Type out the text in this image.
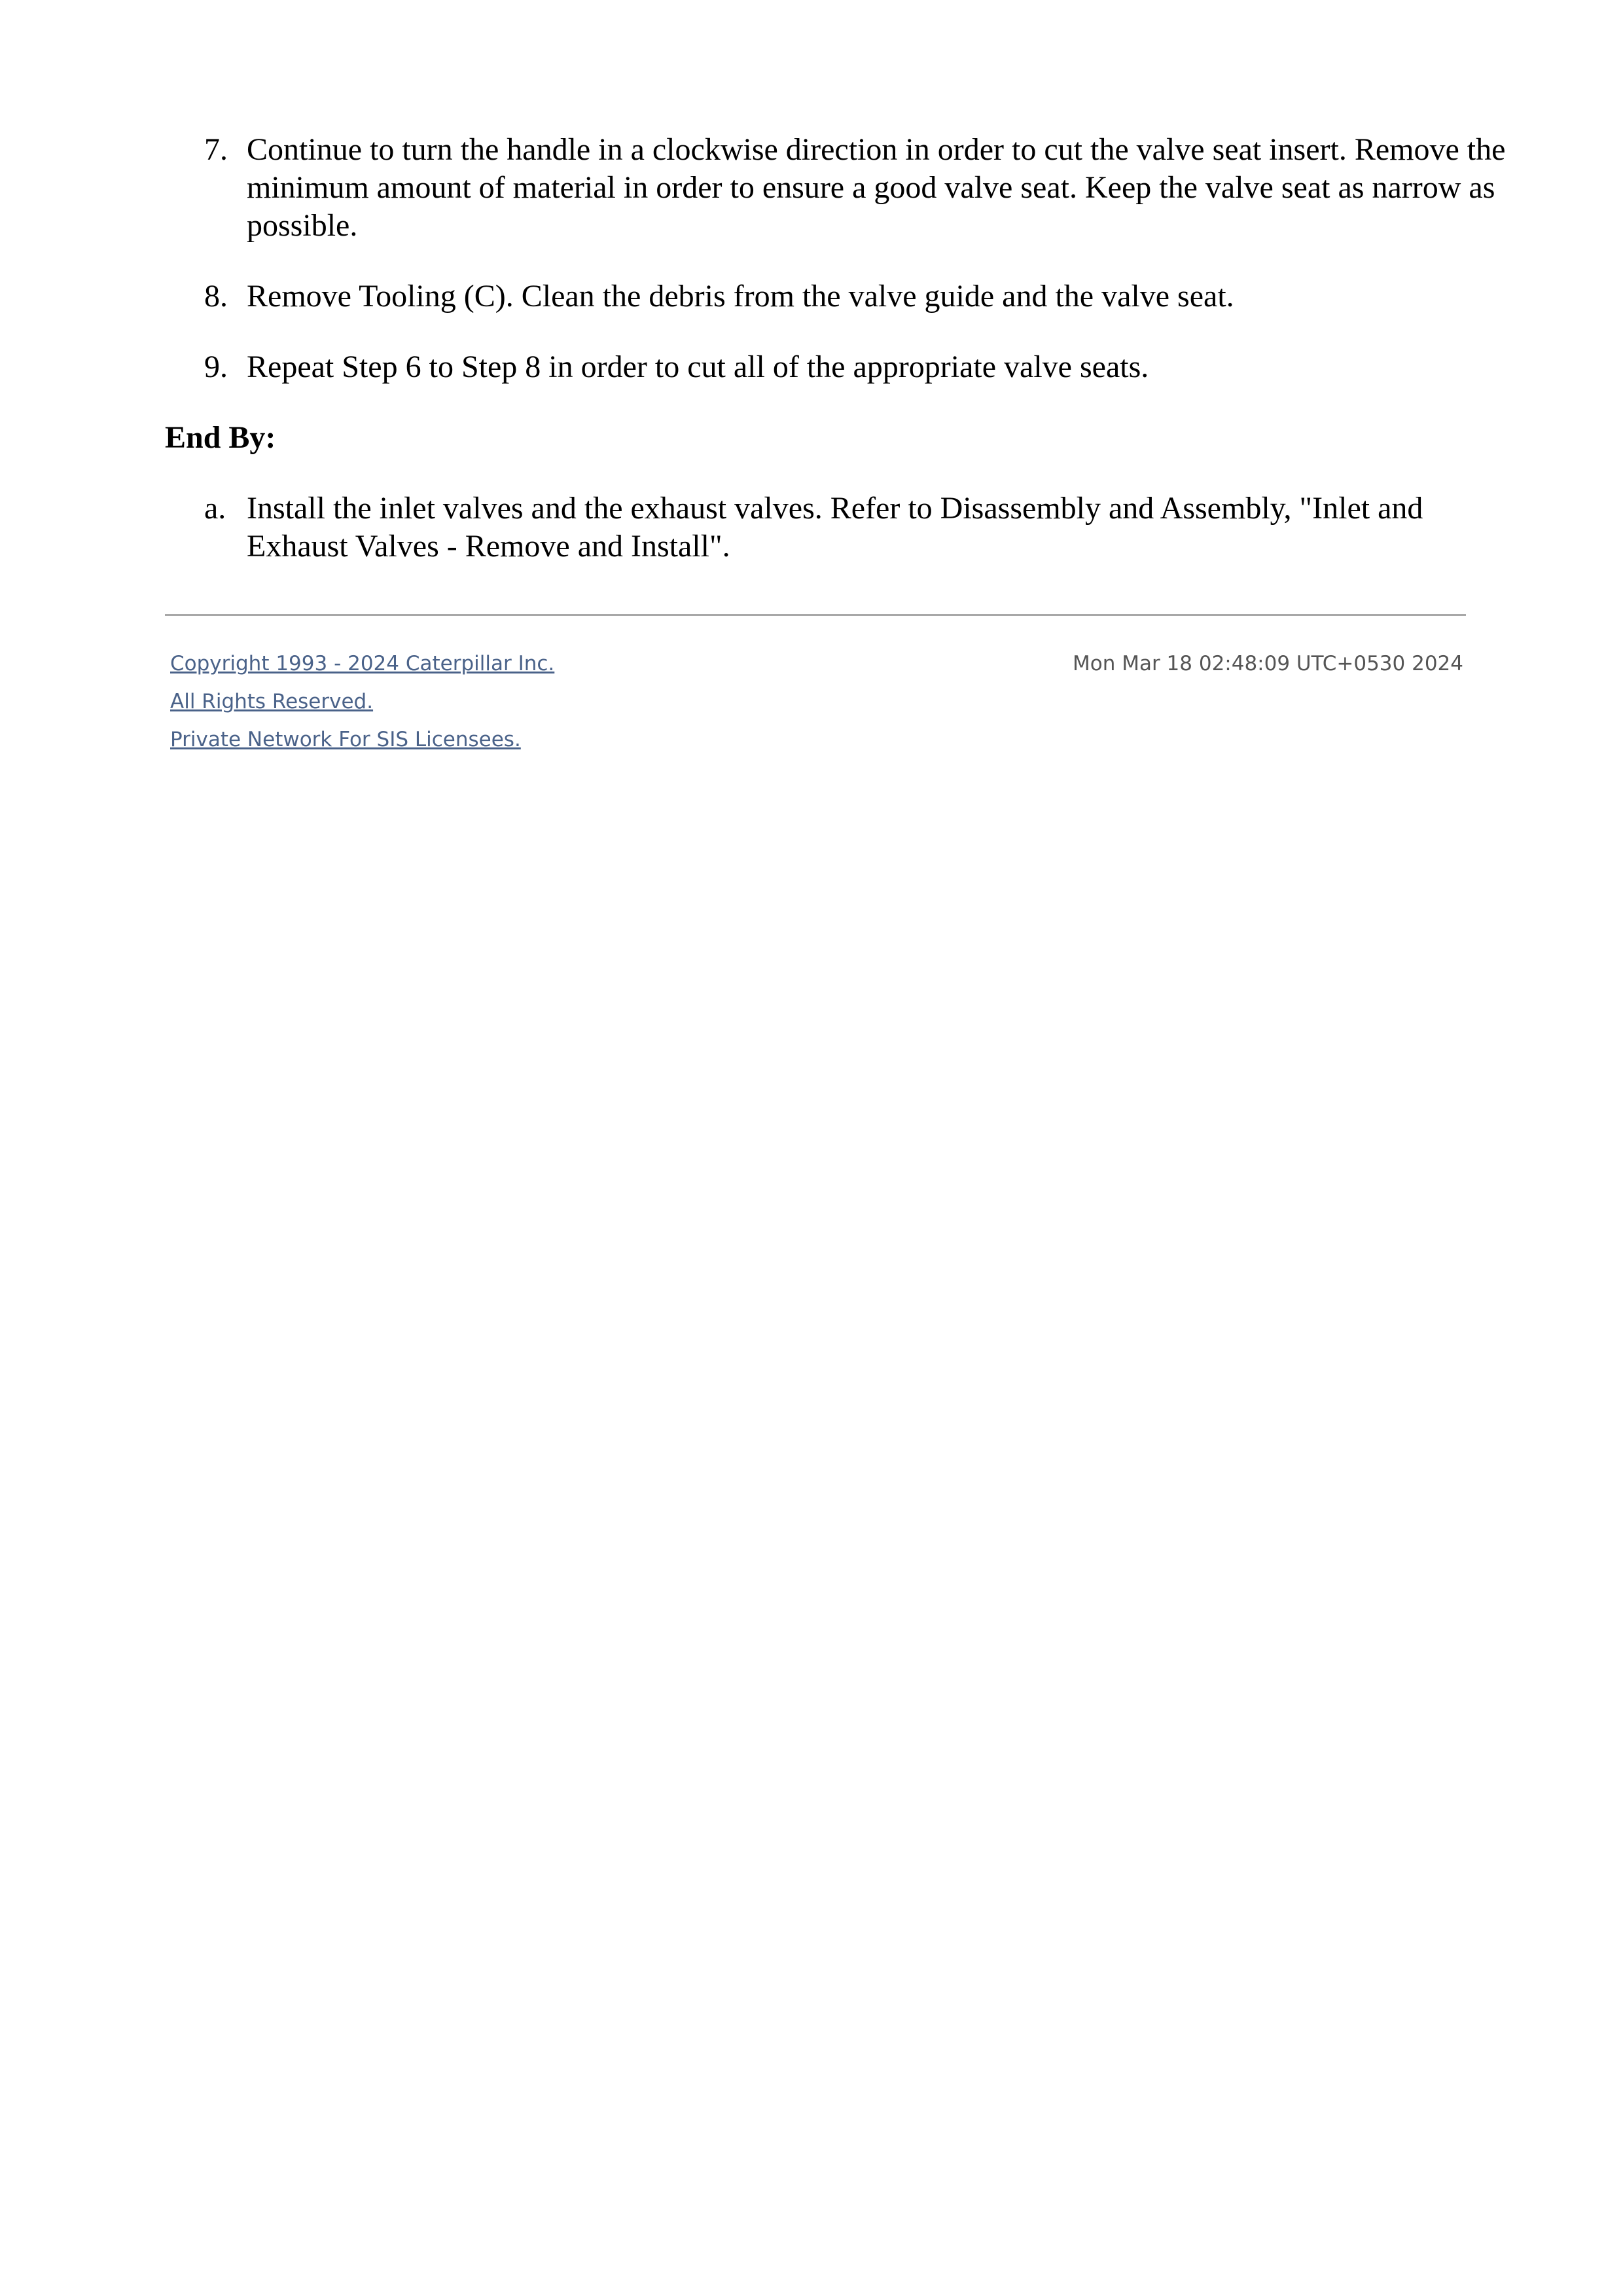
7. Continue to turn the handle in a clockwise direction in order to cut the valve seat insert. Remove the minimum amount of material in order to ensure a good valve seat. Keep the valve seat as narrow as possible.
8. Remove Tooling (C). Clean the debris from the valve guide and the valve seat.
9. Repeat Step 6 to Step 8 in order to cut all of the appropriate valve seats.
End By:
a. Install the inlet valves and the exhaust valves. Refer to Disassembly and Assembly, "Inlet and Exhaust Valves - Remove and Install".
Copyright 1993 - 2024 Caterpillar Inc.
All Rights Reserved.
Private Network For SIS Licensees.
Mon Mar 18 02:48:09 UTC+0530 2024
